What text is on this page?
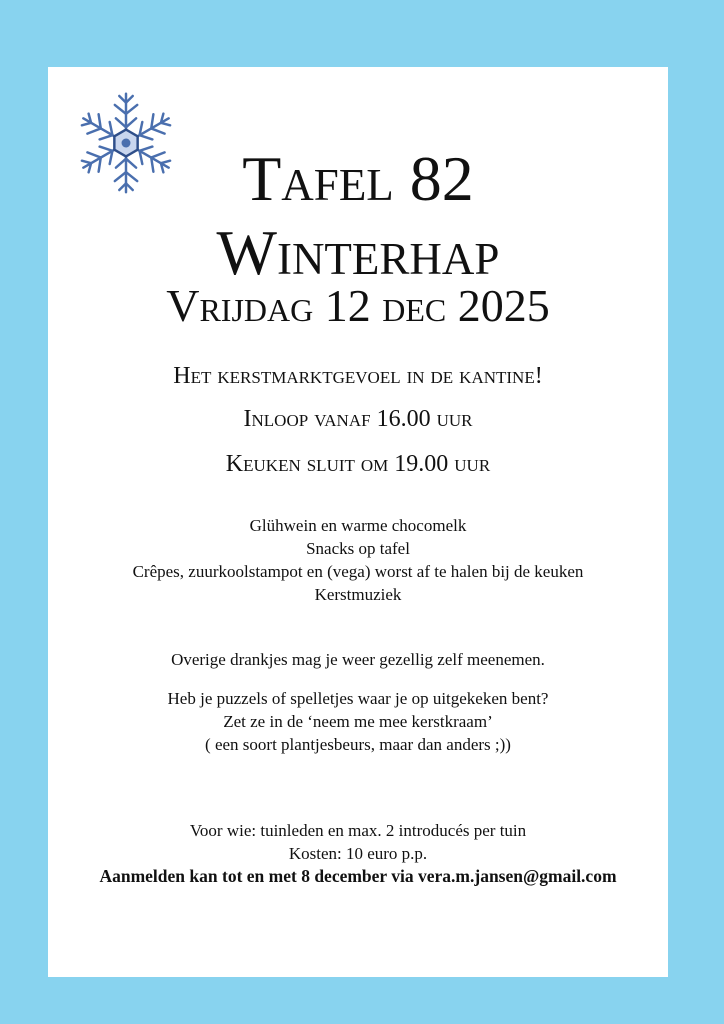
Tafel 82
Winterhap
Vrijdag 12 dec 2025
Het kerstmarktgevoel in de kantine!
Inloop vanaf 16.00 uur
Keuken sluit om 19.00 uur
Glühwein en warme chocomelk
Snacks op tafel
Crêpes, zuurkoolstampot en (vega) worst af te halen bij de keuken
Kerstmuziek
Overige drankjes mag je weer gezellig zelf meenemen.
Heb je puzzels of spelletjes waar je op uitgekeken bent?
Zet ze in de ‘neem me mee kerstkraam’
( een soort plantjesbeurs, maar dan anders ;))
Voor wie: tuinleden en max. 2 introducés per tuin
Kosten: 10 euro p.p.
Aanmelden kan tot en met 8 december via vera.m.jansen@gmail.com
